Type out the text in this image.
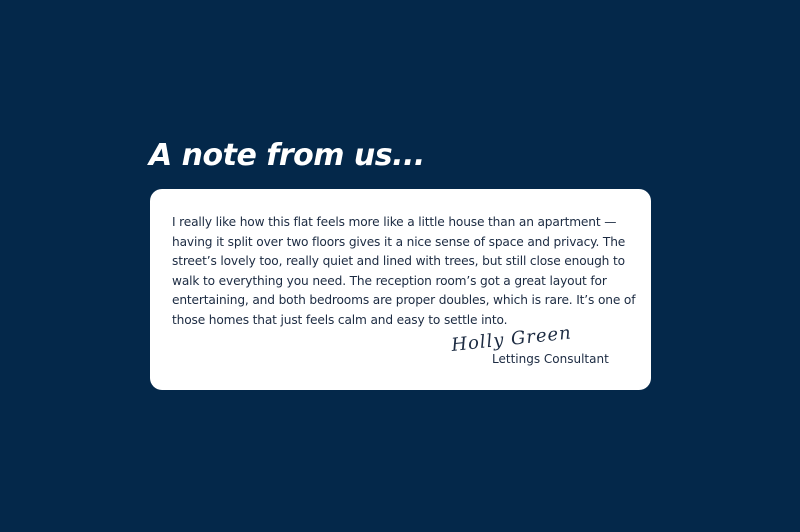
A note from us...

I really like how this flat feels more like a little house than an apartment — having it split over two floors gives it a nice sense of space and privacy. The street’s lovely too, really quiet and lined with trees, but still close enough to walk to everything you need. The reception room’s got a great layout for entertaining, and both bedrooms are proper doubles, which is rare. It’s one of those homes that just feels calm and easy to settle into.

Holly Green
Lettings Consultant
